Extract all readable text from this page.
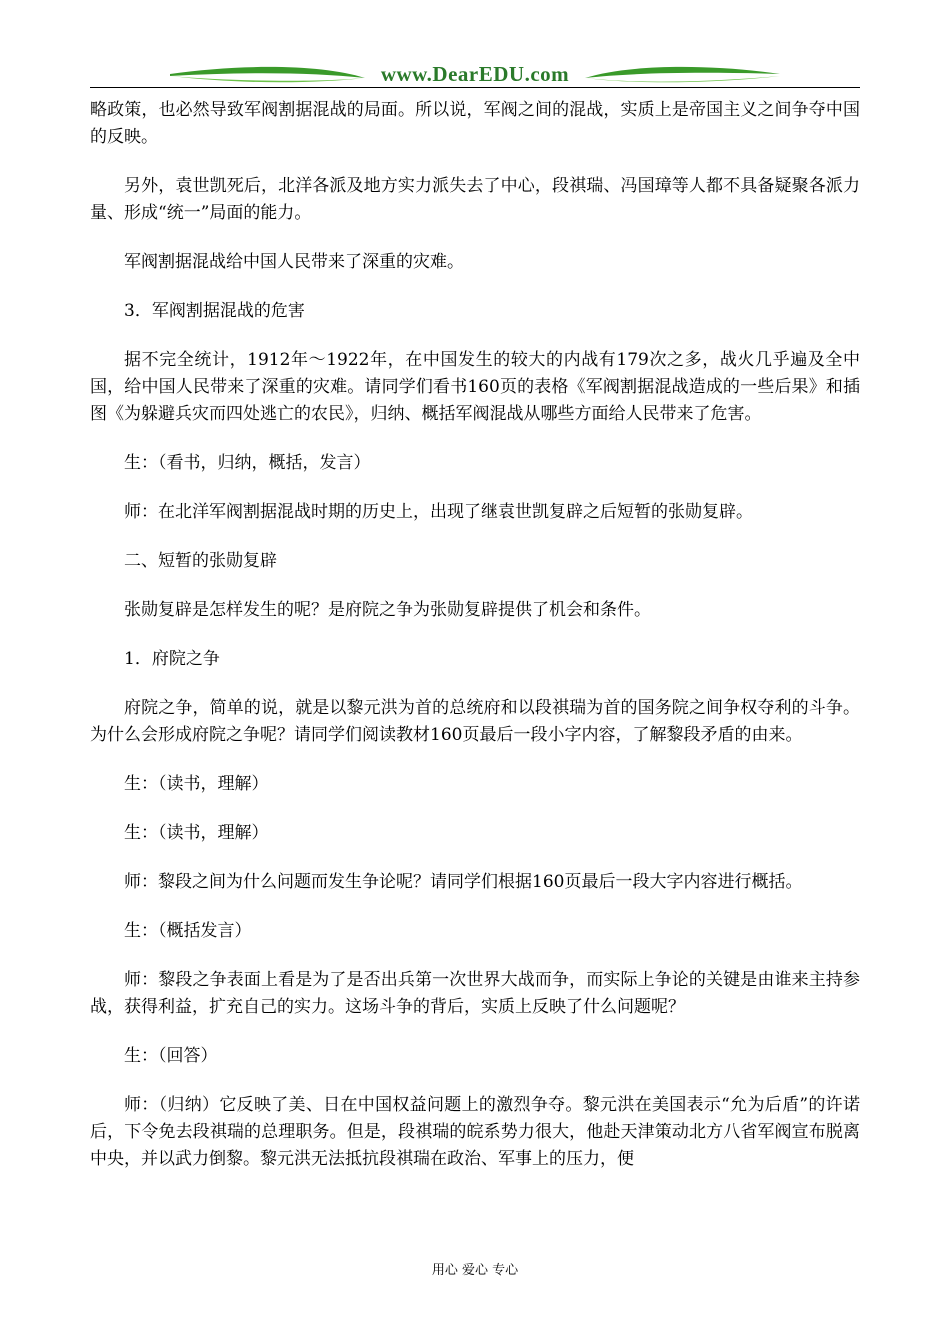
www.DearEDU.com

略政策，也必然导致军阀割据混战的局面。所以说，军阀之间的混战，实质上是帝国主义之间争夺中国的反映。

另外，袁世凯死后，北洋各派及地方实力派失去了中心，段祺瑞、冯国璋等人都不具备疑聚各派力量、形成“统一”局面的能力。

军阀割据混战给中国人民带来了深重的灾难。

3．军阀割据混战的危害

据不完全统计，1912年～1922年，在中国发生的较大的内战有179次之多，战火几乎遍及全中国，给中国人民带来了深重的灾难。请同学们看书160页的表格《军阀割据混战造成的一些后果》和插图《为躲避兵灾而四处逃亡的农民》，归纳、概括军阀混战从哪些方面给人民带来了危害。

生：（看书，归纳，概括，发言）

师：在北洋军阀割据混战时期的历史上，出现了继袁世凯复辟之后短暂的张勋复辟。

二、短暂的张勋复辟

张勋复辟是怎样发生的呢？是府院之争为张勋复辟提供了机会和条件。

1．府院之争

府院之争，简单的说，就是以黎元洪为首的总统府和以段祺瑞为首的国务院之间争权夺利的斗争。为什么会形成府院之争呢？请同学们阅读教材160页最后一段小字内容，了解黎段矛盾的由来。

生：（读书，理解）

生：（读书，理解）

师：黎段之间为什么问题而发生争论呢？请同学们根据160页最后一段大字内容进行概括。

生：（概括发言）

师：黎段之争表面上看是为了是否出兵第一次世界大战而争，而实际上争论的关键是由谁来主持参战，获得利益，扩充自己的实力。这场斗争的背后，实质上反映了什么问题呢？

生：（回答）

师：（归纳）它反映了美、日在中国权益问题上的激烈争夺。黎元洪在美国表示“允为后盾”的许诺后，下令免去段祺瑞的总理职务。但是，段祺瑞的皖系势力很大，他赴天津策动北方八省军阀宣布脱离中央，并以武力倒黎。黎元洪无法抵抗段祺瑞在政治、军事上的压力，便

用心 爱心 专心
